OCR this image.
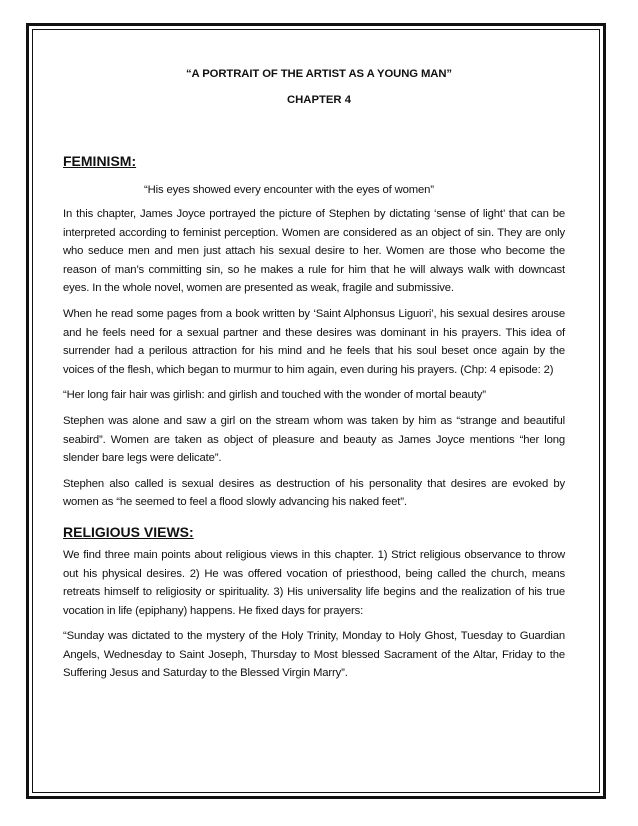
“A PORTRAIT OF THE ARTIST AS A YOUNG MAN”

CHAPTER 4

FEMINISM:

“His eyes showed every encounter with the eyes of women”

In this chapter, James Joyce portrayed the picture of Stephen by dictating ‘sense of light’ that can be interpreted according to feminist perception. Women are considered as an object of sin. They are only who seduce men and men just attach his sexual desire to her. Women are those who become the reason of man’s committing sin, so he makes a rule for him that he will always walk with downcast eyes. In the whole novel, women are presented as weak, fragile and submissive.

When he read some pages from a book written by ‘Saint Alphonsus Liguori’, his sexual desires arouse and he feels need for a sexual partner and these desires was dominant in his prayers. This idea of surrender had a perilous attraction for his mind and he feels that his soul beset once again by the voices of the flesh, which began to murmur to him again, even during his prayers. (Chp: 4 episode: 2)

“Her long fair hair was girlish: and girlish and touched with the wonder of mortal beauty”

Stephen was alone and saw a girl on the stream whom was taken by him as “strange and beautiful seabird”. Women are taken as object of pleasure and beauty as James Joyce mentions “her long slender bare legs were delicate”.

Stephen also called is sexual desires as destruction of his personality that desires are evoked by women as “he seemed to feel a flood slowly advancing his naked feet”.

RELIGIOUS VIEWS:

We find three main points about religious views in this chapter. 1) Strict religious observance to throw out his physical desires. 2) He was offered vocation of priesthood, being called the church, means retreats himself to religiosity or spirituality. 3) His universality life begins and the realization of his true vocation in life (epiphany) happens. He fixed days for prayers:

“Sunday was dictated to the mystery of the Holy Trinity, Monday to Holy Ghost, Tuesday to Guardian Angels, Wednesday to Saint Joseph, Thursday to Most blessed Sacrament of the Altar, Friday to the Suffering Jesus and Saturday to the Blessed Virgin Marry”.
